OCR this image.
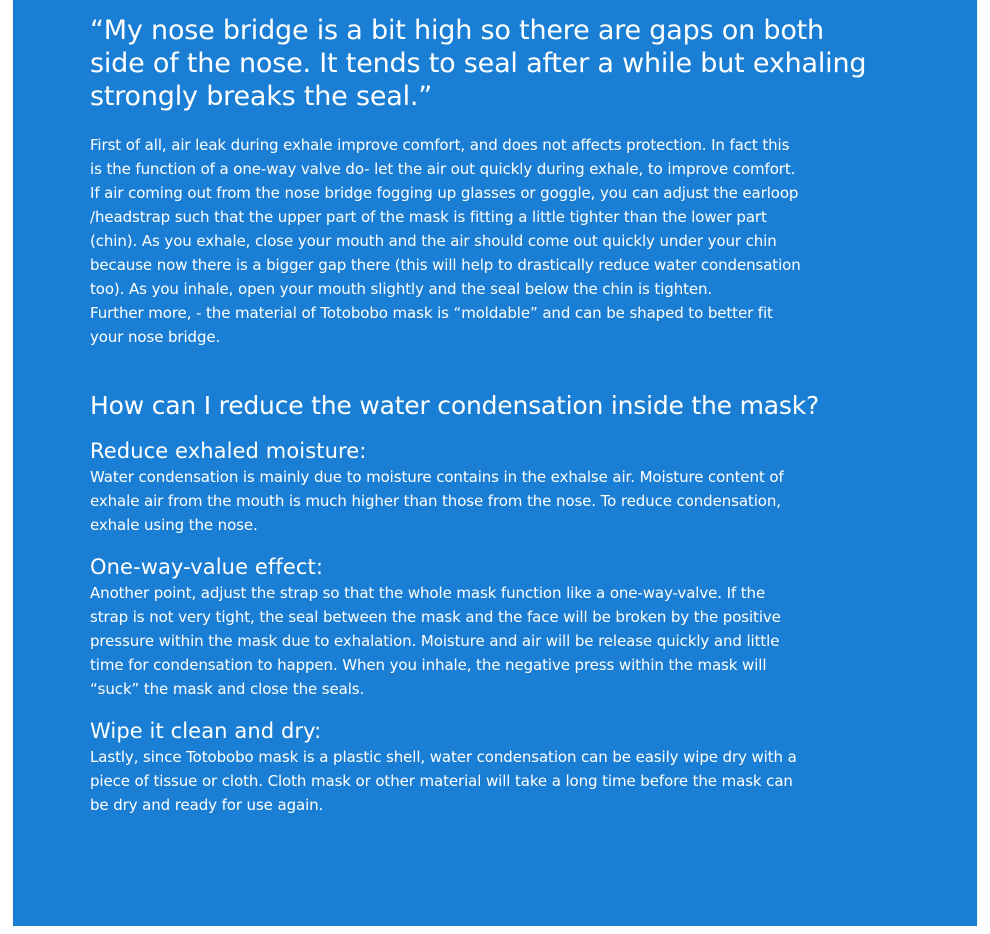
“My nose bridge is a bit high so there are gaps on both
side of the nose. It tends to seal after a while but exhaling
strongly breaks the seal.”

First of all, air leak during exhale improve comfort, and does not affects protection. In fact this
is the function of a one-way valve do- let the air out quickly during exhale, to improve comfort.
If air coming out from the nose bridge fogging up glasses or goggle, you can adjust the earloop
/headstrap such that the upper part of the mask is fitting a little tighter than the lower part
(chin). As you exhale, close your mouth and the air should come out quickly under your chin
because now there is a bigger gap there (this will help to drastically reduce water condensation
too). As you inhale, open your mouth slightly and the seal below the chin is tighten.
Further more, - the material of Totobobo mask is “moldable” and can be shaped to better fit
your nose bridge.

How can I reduce the water condensation inside the mask?
Reduce exhaled moisture:

Water condensation is mainly due to moisture contains in the exhalse air. Moisture content of
exhale air from the mouth is much higher than those from the nose. To reduce condensation,
exhale using the nose.

One-way-value effect:

Another point, adjust the strap so that the whole mask function like a one-way-valve. If the
strap is not very tight, the seal between the mask and the face will be broken by the positive
pressure within the mask due to exhalation. Moisture and air will be release quickly and little
time for condensation to happen. When you inhale, the negative press within the mask will
“suck” the mask and close the seals.

Wipe it clean and dry:

Lastly, since Totobobo mask is a plastic shell, water condensation can be easily wipe dry with a
piece of tissue or cloth. Cloth mask or other material will take a long time before the mask can
be dry and ready for use again.
